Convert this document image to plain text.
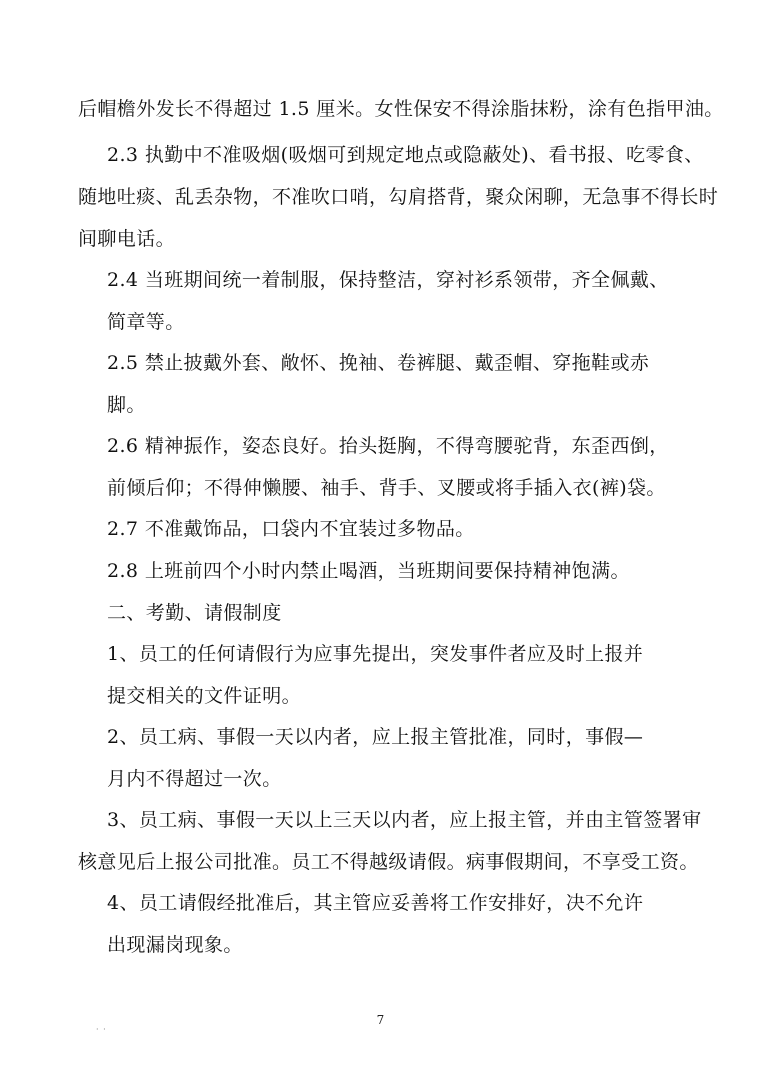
后帽檐外发长不得超过 1.5 厘米。女性保安不得涂脂抹粉，涂有色指甲油。

2.3 执勤中不准吸烟(吸烟可到规定地点或隐蔽处)、看书报、吃零食、

随地吐痰、乱丢杂物，不准吹口哨，勾肩搭背，聚众闲聊，无急事不得长时

间聊电话。

2.4 当班期间统一着制服，保持整洁，穿衬衫系领带，齐全佩戴、

简章等。

2.5 禁止披戴外套、敞怀、挽袖、卷裤腿、戴歪帽、穿拖鞋或赤

脚。

2.6 精神振作，姿态良好。抬头挺胸，不得弯腰驼背，东歪西倒，

前倾后仰；不得伸懒腰、袖手、背手、叉腰或将手插入衣(裤)袋。

2.7 不准戴饰品，口袋内不宜装过多物品。

2.8 上班前四个小时内禁止喝酒，当班期间要保持精神饱满。

二、考勤、请假制度

1、员工的任何请假行为应事先提出，突发事件者应及时上报并

提交相关的文件证明。

2、员工病、事假一天以内者，应上报主管批准，同时，事假—

月内不得超过一次。

3、员工病、事假一天以上三天以内者，应上报主管，并由主管签署审

核意见后上报公司批准。员工不得越级请假。病事假期间，不享受工资。

4、员工请假经批准后，其主管应妥善将工作安排好，决不允许

出现漏岗现象。

7
· ·
